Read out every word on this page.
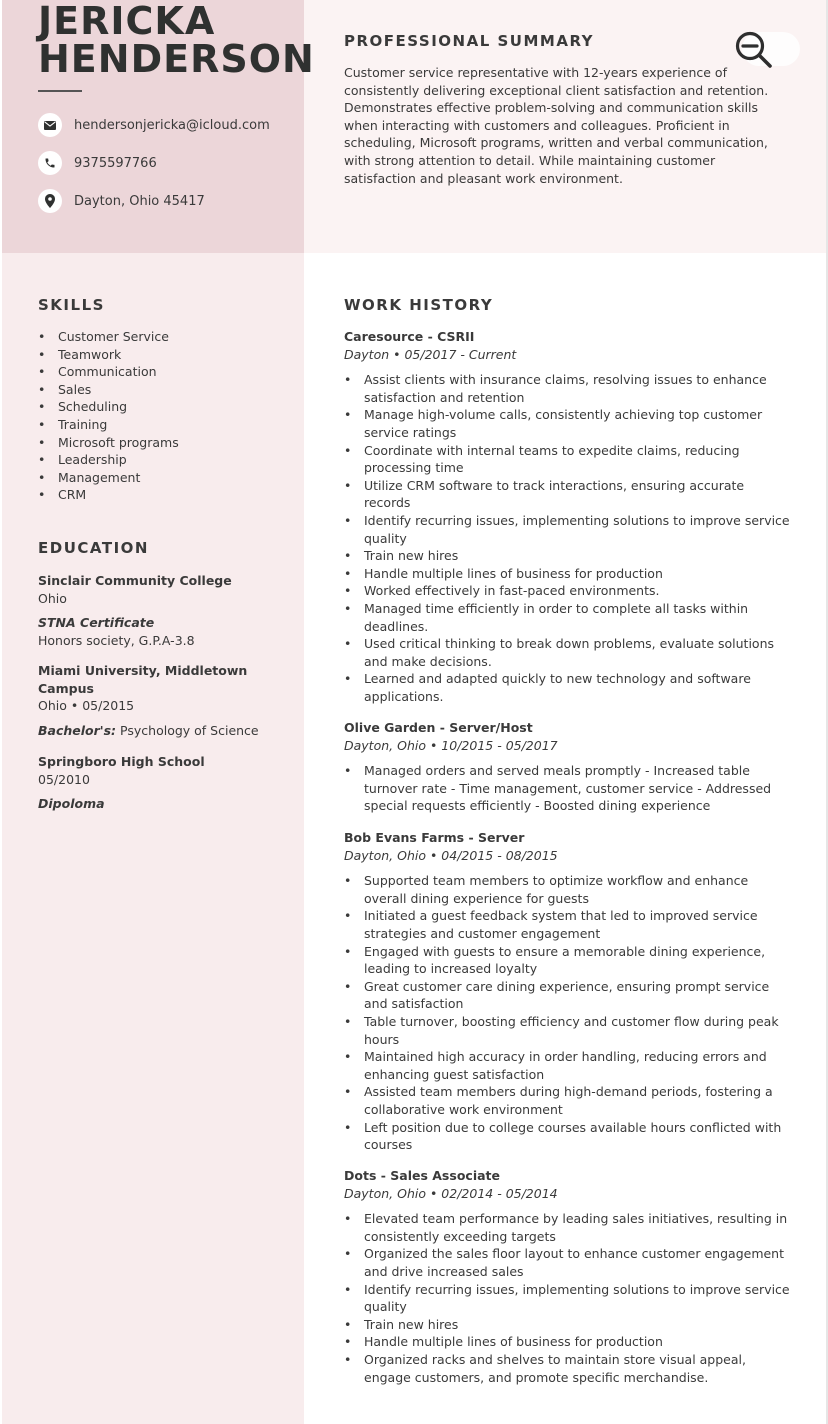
JERICKA
HENDERSON
hendersonjericka@icloud.com
9375597766
Dayton, Ohio 45417
PROFESSIONAL SUMMARY

Customer service representative with 12-years experience of consistently delivering exceptional client satisfaction and retention. Demonstrates effective problem-solving and communication skills when interacting with customers and colleagues. Proficient in scheduling, Microsoft programs, written and verbal communication, with strong attention to detail. While maintaining customer satisfaction and pleasant work environment.

SKILLS
• Customer Service
• Teamwork
• Communication
• Sales
• Scheduling
• Training
• Microsoft programs
• Leadership
• Management
• CRM
EDUCATION
Sinclair Community College
Ohio
STNA Certificate
Honors society, G.P.A-3.8
Miami University, Middletown Campus
Ohio • 05/2015
Bachelor's: Psychology of Science
Springboro High School
05/2010
Dipoloma
WORK HISTORY
Caresource - CSRII
Dayton • 05/2017 - Current
• Assist clients with insurance claims, resolving issues to enhance satisfaction and retention
• Manage high-volume calls, consistently achieving top customer service ratings
• Coordinate with internal teams to expedite claims, reducing processing time
• Utilize CRM software to track interactions, ensuring accurate records
• Identify recurring issues, implementing solutions to improve service quality
• Train new hires
• Handle multiple lines of business for production
• Worked effectively in fast-paced environments.
• Managed time efficiently in order to complete all tasks within deadlines.
• Used critical thinking to break down problems, evaluate solutions and make decisions.
• Learned and adapted quickly to new technology and software applications.
Olive Garden - Server/Host
Dayton, Ohio • 10/2015 - 05/2017
• Managed orders and served meals promptly - Increased table turnover rate - Time management, customer service - Addressed special requests efficiently - Boosted dining experience
Bob Evans Farms - Server
Dayton, Ohio • 04/2015 - 08/2015
• Supported team members to optimize workflow and enhance overall dining experience for guests
• Initiated a guest feedback system that led to improved service strategies and customer engagement
• Engaged with guests to ensure a memorable dining experience, leading to increased loyalty
• Great customer care dining experience, ensuring prompt service and satisfaction
• Table turnover, boosting efficiency and customer flow during peak hours
• Maintained high accuracy in order handling, reducing errors and enhancing guest satisfaction
• Assisted team members during high-demand periods, fostering a collaborative work environment
• Left position due to college courses available hours conflicted with courses
Dots - Sales Associate
Dayton, Ohio • 02/2014 - 05/2014
• Elevated team performance by leading sales initiatives, resulting in consistently exceeding targets
• Organized the sales floor layout to enhance customer engagement and drive increased sales
• Identify recurring issues, implementing solutions to improve service quality
• Train new hires
• Handle multiple lines of business for production
• Organized racks and shelves to maintain store visual appeal, engage customers, and promote specific merchandise.
